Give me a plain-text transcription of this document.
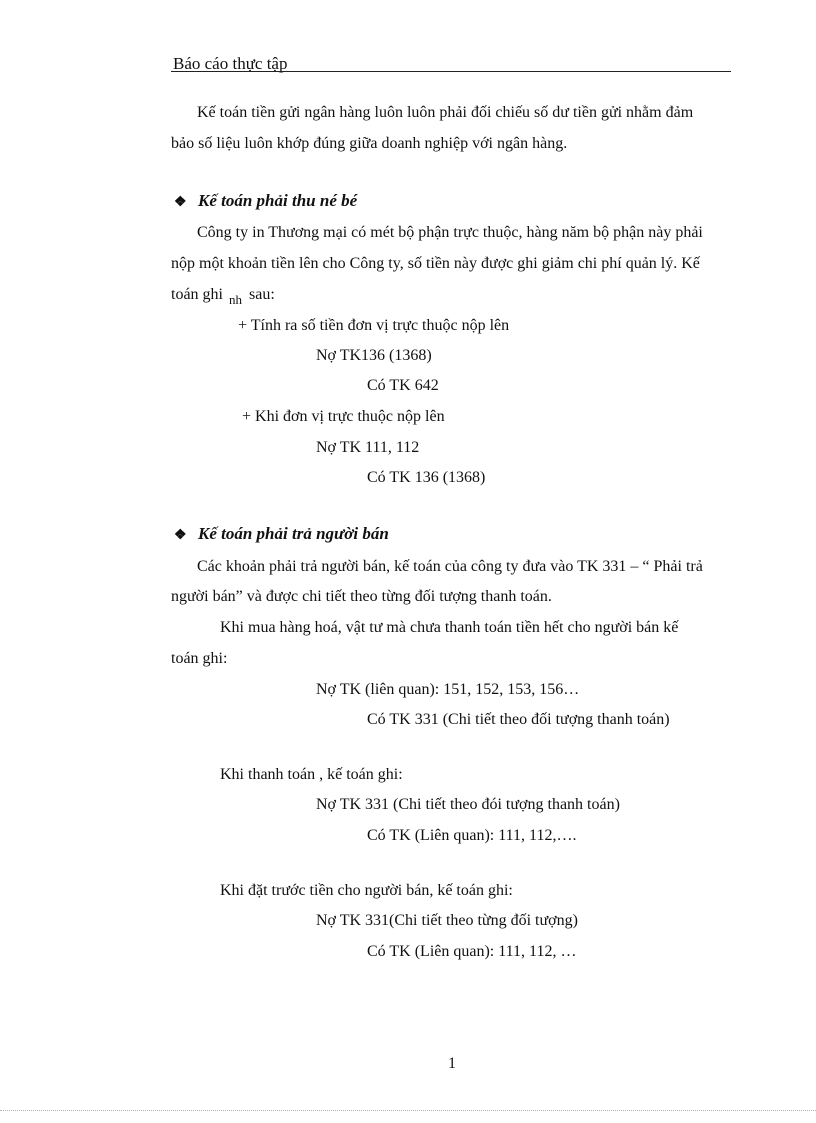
Báo cáo thực tập
Kế toán tiền gửi ngân hàng luôn luôn phải đối chiếu số dư tiền gửi nhằm đảm
bảo số liệu luôn khớp đúng giữa doanh nghiệp với ngân hàng.
❖ Kế toán phải thu né bé
Công ty in Thương mại có mét bộ phận trực thuộc, hàng năm bộ phận này phải
nộp một khoản tiền lên cho Công ty, số tiền này được ghi giảm chi phí quản lý. Kế
toán ghi $_{nh}$ sau:
+ Tính ra số tiền đơn vị trực thuộc nộp lên
Nợ TK136 (1368)
Có TK 642
+ Khi đơn vị trực thuộc nộp lên
Nợ TK 111, 112
Có TK 136 (1368)
❖ Kế toán phải trả người bán
Các khoản phải trả người bán, kế toán của công ty đưa vào TK 331 – “ Phải trả
người bán” và được chi tiết theo từng đối tượng thanh toán.
Khi mua hàng hoá, vật tư mà chưa thanh toán tiền hết cho người bán kế
toán ghi:
Nợ TK (liên quan): 151, 152, 153, 156…
Có TK 331 (Chi tiết theo đối tượng thanh toán)
Khi thanh toán , kế toán ghi:
Nợ TK 331 (Chi tiết theo đói tượng thanh toán)
Có TK (Liên quan): 111, 112,….
Khi đặt trước tiền cho người bán, kế toán ghi:
Nợ TK 331(Chi tiết theo từng đối tượng)
Có TK (Liên quan): 111, 112, …
1
